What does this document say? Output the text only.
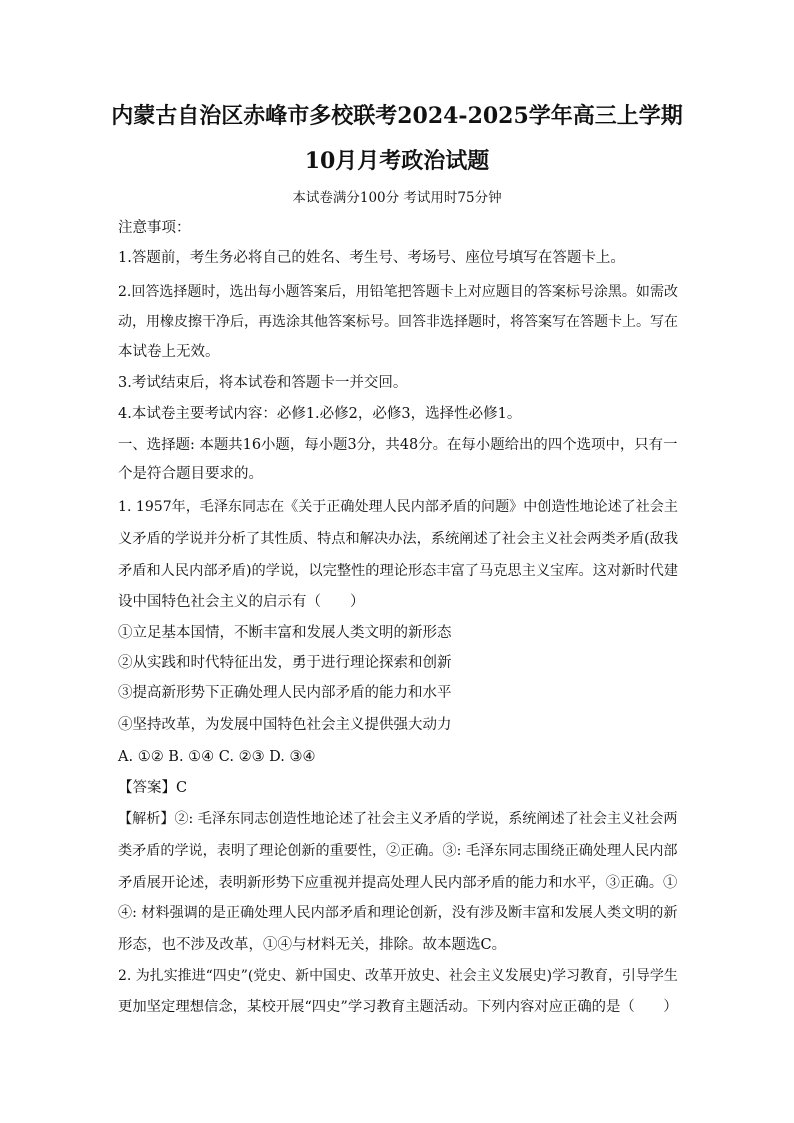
内蒙古自治区赤峰市多校联考2024-2025学年高三上学期
10月月考政治试题
本试卷满分100分 考试用时75分钟
注意事项：
1.答题前，考生务必将自己的姓名、考生号、考场号、座位号填写在答题卡上。
2.回答选择题时，选出每小题答案后，用铅笔把答题卡上对应题目的答案标号涂黑。如需改
动，用橡皮擦干净后，再选涂其他答案标号。回答非选择题时，将答案写在答题卡上。写在
本试卷上无效。
3.考试结束后，将本试卷和答题卡一并交回。
4.本试卷主要考试内容：必修1.必修2，必修3，选择性必修1。
一、选择题: 本题共16小题，每小题3分，共48分。在每小题给出的四个选项中，只有一
个是符合题目要求的。
1. 1957年，毛泽东同志在《关于正确处理人民内部矛盾的问题》中创造性地论述了社会主
义矛盾的学说并分析了其性质、特点和解决办法，系统阐述了社会主义社会两类矛盾(敌我
矛盾和人民内部矛盾)的学说，以完整性的理论形态丰富了马克思主义宝库。这对新时代建
设中国特色社会主义的启示有（　　）
①立足基本国情，不断丰富和发展人类文明的新形态
②从实践和时代特征出发，勇于进行理论探索和创新
③提高新形势下正确处理人民内部矛盾的能力和水平
④坚持改革，为发展中国特色社会主义提供强大动力
A. ①② B. ①④ C. ②③ D. ③④
【答案】C
【解析】②: 毛泽东同志创造性地论述了社会主义矛盾的学说，系统阐述了社会主义社会两
类矛盾的学说，表明了理论创新的重要性，②正确。③: 毛泽东同志围绕正确处理人民内部
矛盾展开论述，表明新形势下应重视并提高处理人民内部矛盾的能力和水平，③正确。①
④: 材料强调的是正确处理人民内部矛盾和理论创新，没有涉及断丰富和发展人类文明的新
形态，也不涉及改革，①④与材料无关，排除。故本题选C。
2. 为扎实推进“四史”(党史、新中国史、改革开放史、社会主义发展史)学习教育，引导学生
更加坚定理想信念，某校开展“四史”学习教育主题活动。下列内容对应正确的是（　　）
